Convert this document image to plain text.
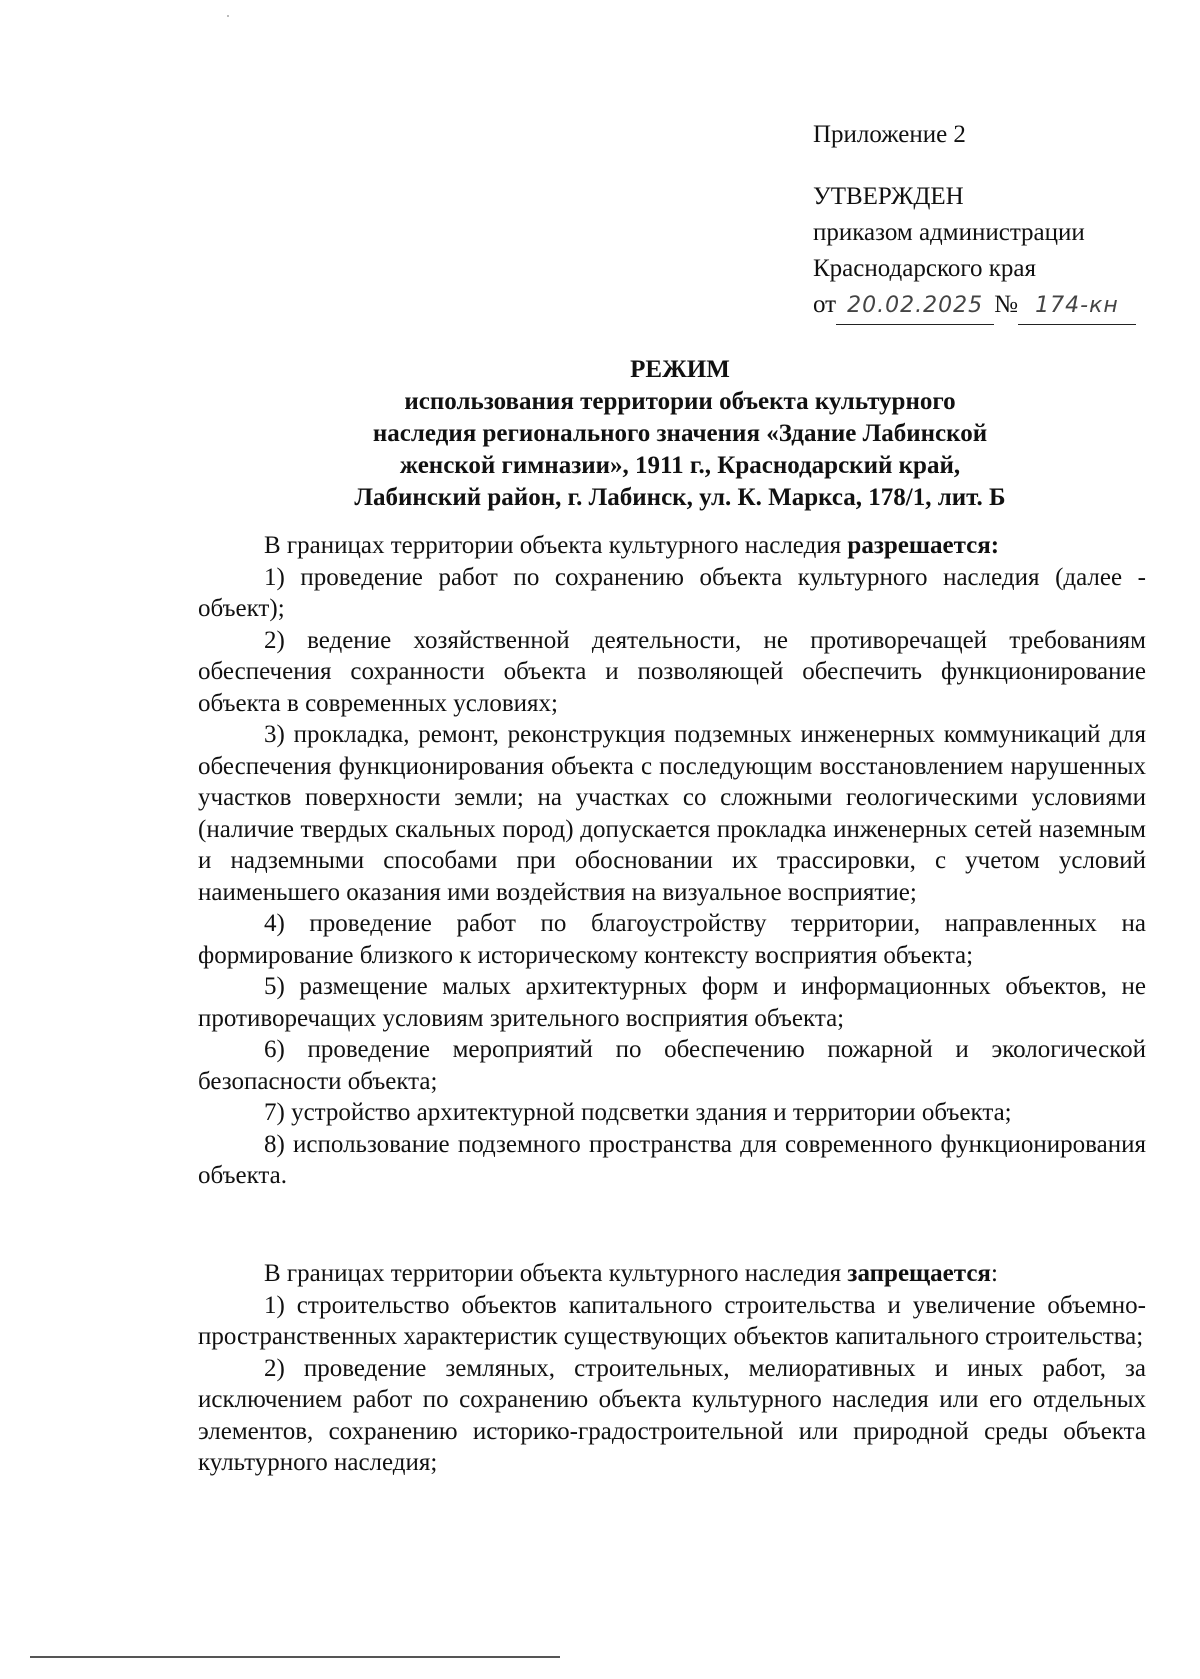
Приложение 2
УТВЕРЖДЕН
приказом администрации
Краснодарского края
от 20.02.2025 № 174-кн
РЕЖИМ
использования территории объекта культурного
наследия регионального значения «Здание Лабинской
женской гимназии», 1911 г., Краснодарский край,
Лабинский район, г. Лабинск, ул. К. Маркса, 178/1, лит. Б

В границах территории объекта культурного наследия разрешается:

1) проведение работ по сохранению объекта культурного наследия (далее - объект);

2) ведение хозяйственной деятельности, не противоречащей требованиям обеспечения сохранности объекта и позволяющей обеспечить функционирование объекта в современных условиях;

3) прокладка, ремонт, реконструкция подземных инженерных коммуникаций для обеспечения функционирования объекта с последующим восстановлением нарушенных участков поверхности земли; на участках со сложными геологическими условиями (наличие твердых скальных пород) допускается прокладка инженерных сетей наземным и надземными способами при обосновании их трассировки, с учетом условий наименьшего оказания ими воздействия на визуальное восприятие;

4) проведение работ по благоустройству территории, направленных на формирование близкого к историческому контексту восприятия объекта;

5) размещение малых архитектурных форм и информационных объектов, не противоречащих условиям зрительного восприятия объекта;

6) проведение мероприятий по обеспечению пожарной и экологической безопасности объекта;

7) устройство архитектурной подсветки здания и территории объекта;

8) использование подземного пространства для современного функционирования объекта.

В границах территории объекта культурного наследия запрещается:

1) строительство объектов капитального строительства и увеличение объемно-пространственных характеристик существующих объектов капитального строительства;

2) проведение земляных, строительных, мелиоративных и иных работ, за исключением работ по сохранению объекта культурного наследия или его отдельных элементов, сохранению историко-градостроительной или природной среды объекта культурного наследия;
